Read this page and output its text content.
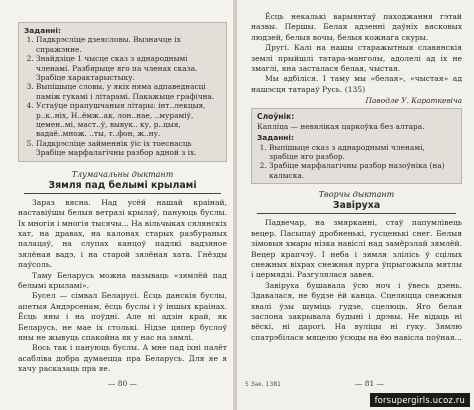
Заданні:
1. Падкрэсліце дзеясловы. Вызначце іх спражэнне.
2. Знайдзіце 1 чысце сказ з аднароднымі членамі. Разбярыце яго па членах сказа. Зрабіце характарыстыку.
3. Выпішыце словы, у якіх няма адпаведнасці паміж гукамі і літарамі. Пакажыце графічна.
4. Устаўце прапушчаныя літары: інт..лекцыя, р..к..ніх, Н..ёмж..ак, лон..нае, ..мураміў, цемен..мі, маст..ў, вывук.. ку, р..цыя, вадаё..множ. ..ты, т..фон, ж..ну.
5. Падкрэсліце займеннік ўіс іх тоеснасць Зрабіце марфалагічны разбор адной з іх.
Тлумачальны дыктант
Зямля пад белымі крыламі

Зараз вясна. Над усёй нашай краінай, наставіўшы белыя ветразі крылаў, пануюць буслы. Іх многія і многія тысячы... На вільчыках сялянскіх хат, на дравах, на калонах старых разбураных палацаў, на слупах канцоў падлкі вадзяное зялёная вадэ, і на старой зялёная хата. Гнёзды паўсоль.

Таму Беларусь можна называць «зямлёй пад белымі крыламі».

Бусел — сімвал Беларусі. Ёсць данскія буслы, апетыя Андэрсенам, ёсць буслы і ў іншых краінах. Ёсць яны і на поўдні. Але ні адзін край, як Беларусь, не мае іх столькі. Нідзе цяпер буслоў яны не жывуць спакойна як у нас на зямлі.

Вось так і пануюць буслы. А мне пад іхні палёт асабліва добра думаецца пра Беларусь. Для яе я хачу расказаць пра яе.

— 80 —

Ёсць некалькі варыянтаў паходжання гэтай назвы. Першы. Белая адзенні даўніх вясковых людзей, белыя вочы, белыя кожнага скуры.

Другі. Калі на нашы старажытныя славянскія землі прыйшлі татара-манголы, адолелі ад іх не змаглі, яна засталася белая, чыстая.

Мы адбіліся. І таму мы «белая», «чыстая» ад нашэсця татараў Русь. (135)

Паводле У. Караткевіча
Слоўнік:

Капліца — невялікая царкоўка без алтара.

Заданні:
1. Выпішыце сказ з аднароднымі членамі, зрабіце яго разбор.
2. Зрабіце марфалагічны разбор назоўніка (на) калыска.
Творчы дыктант
Завіруха

Падвечар, на змярканні, стаў папумлівець вецер. Пасыпаў дробненькі, гусценькі снег. Белыя зімовыя хмары нізка навіслі над замёрзлай зямлёй. Вецер крапчэў. І неба і зямля злілісь ў сцілых снежных віхрах снежная пурга ўпрыгожыла мятлы і цермядзі. Разгулялася завея.

Завіруха бушавала ўсю ноч і ўвесь дзень. Здавалася, не будзе ёй канца. Сцелюцца снежныя хвалі ўзы шуміць гудзе, сцелюць. Яго белая заслона закрывала будыні і дрэвы. Не відаць ні вёскі, ні дарогі. На вуліцы ні гуку. Зямлю спатрэбілася мяцелю ўсюды на ёю навісла поўная...

5 Зак. 1381	— 81 —
forsupergirls.ucoz.ru
